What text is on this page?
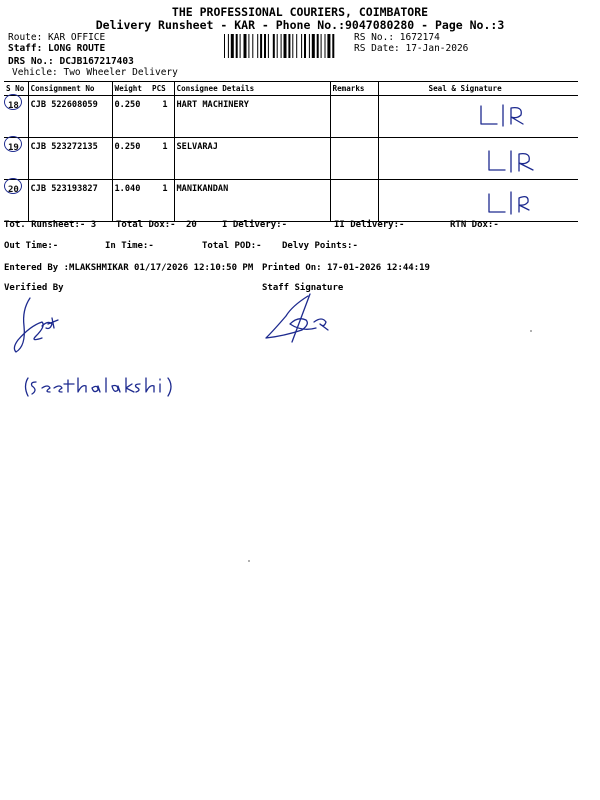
THE PROFESSIONAL COURIERS, COIMBATORE
Delivery Runsheet - KAR - Phone No.:9047080280 - Page No.:3
Route: KAR OFFICE
Staff: LONG ROUTE
DRS No.: DCJB167217403
Vehicle: Two Wheeler Delivery
RS No.: 1672174
RS Date: 17-Jan-2026
S No	Consignment No	Weight	PCS	Consignee Details	Remarks	Seal & Signature

18	CJB 522608059	0.250	1	HART MACHINERY		

19	CJB 523272135	0.250	1	SELVARAJ		

20	CJB 523193827	1.040	1	MANIKANDAN		
Tot. Runsheet:- 3 Total Dox:- 20	I Delivery:-	II Delivery:-	RTN Dox:-
Out Time:-	In Time:-	Total POD:- Delvy Points:-
Entered By :MLAKSHMIKAR 01/17/2026 12:10:50 PM Printed On: 17-01-2026 12:44:19
Verified By	Staff Signature
